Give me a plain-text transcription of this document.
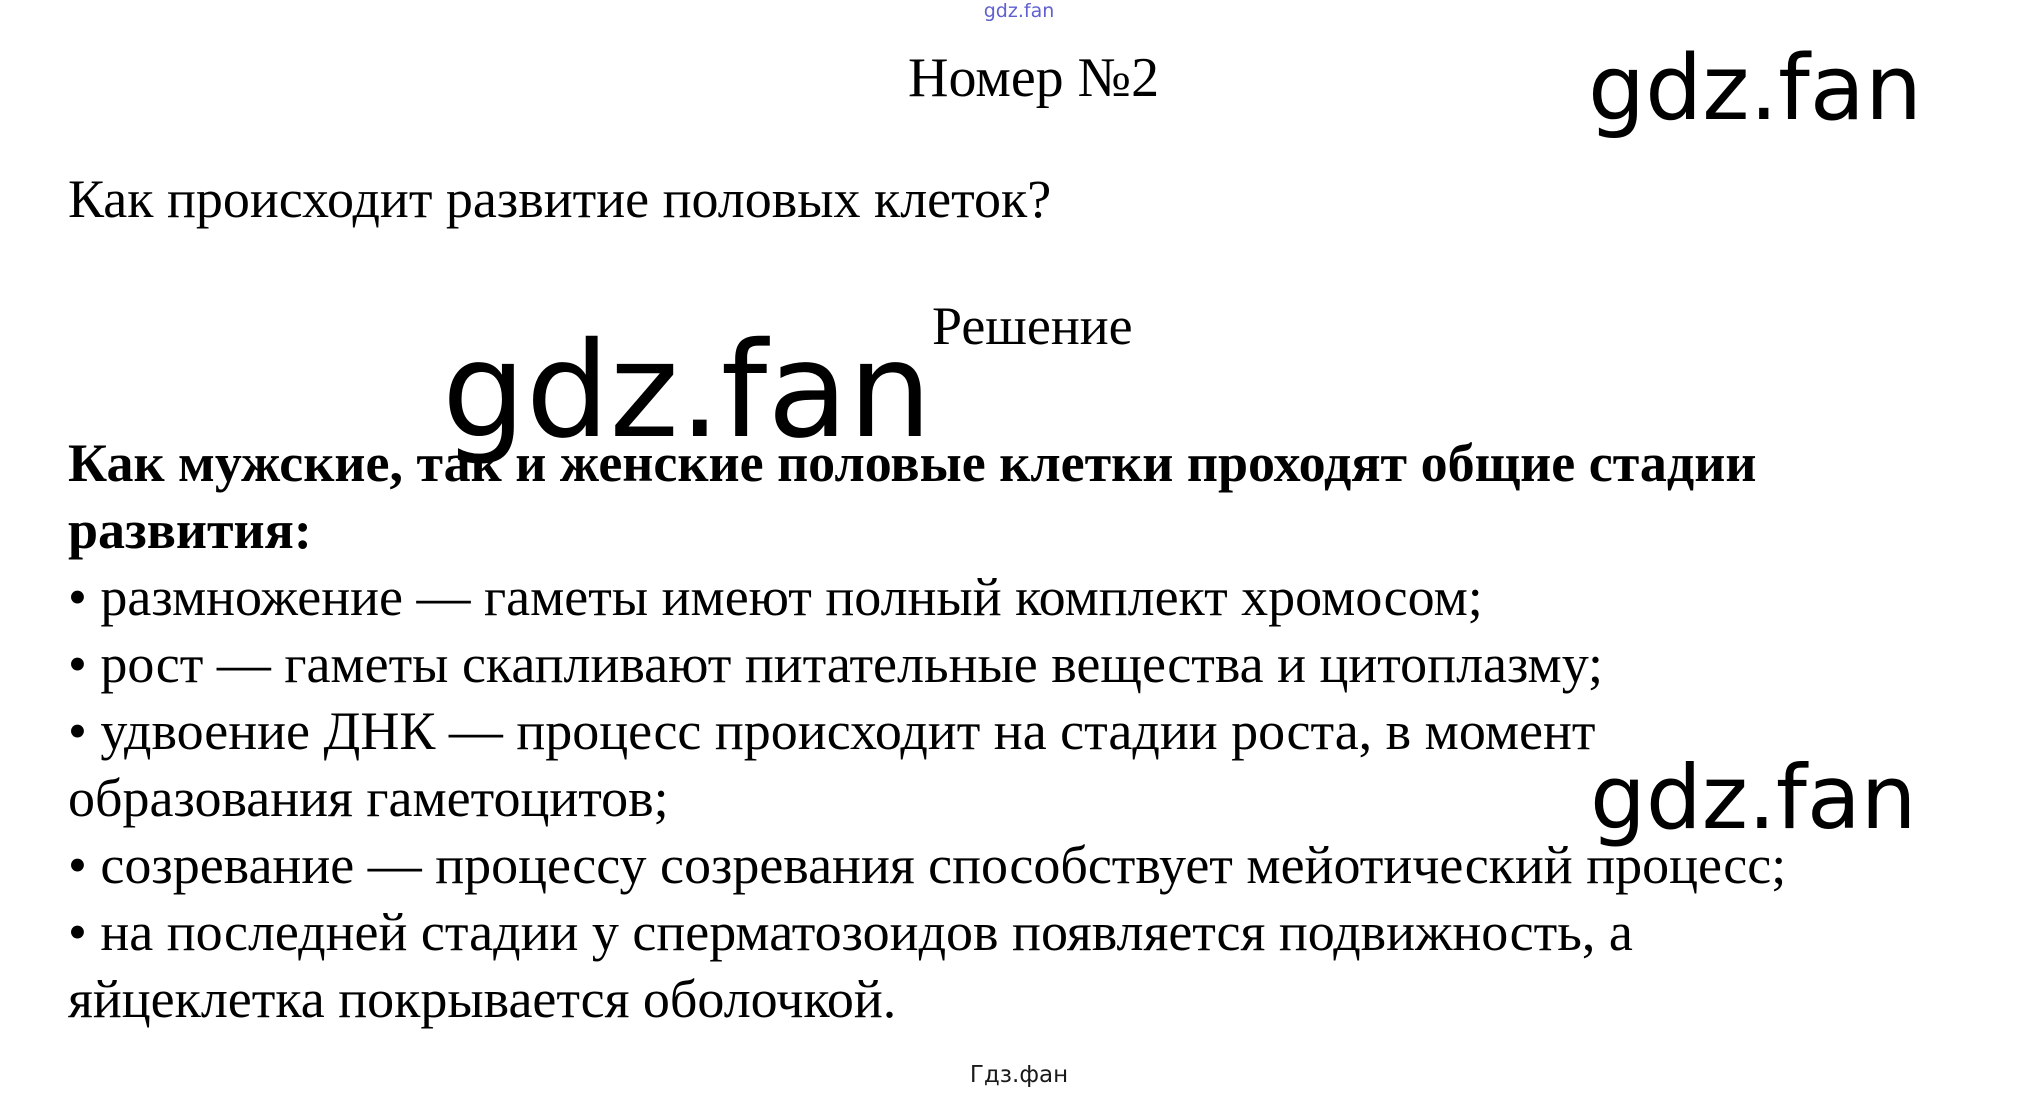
gdz.fan
gdz.fan
Номер №2
Как происходит развитие половых клеток?
gdz.fan Решение
Как мужские, так и женские половые клетки проходят общие стадии
развития:
• размножение — гаметы имеют полный комплект хромосом;
• рост — гаметы скапливают питательные вещества и цитоплазму;
• удвоение ДНК — процесс происходит на стадии роста, в момент
образования гаметоцитов;
• созревание — процессу созревания способствует мейотический процесс;
• на последней стадии у сперматозоидов появляется подвижность, а
яйцеклетка покрывается оболочкой.
gdz.fan
Гдз.фан
